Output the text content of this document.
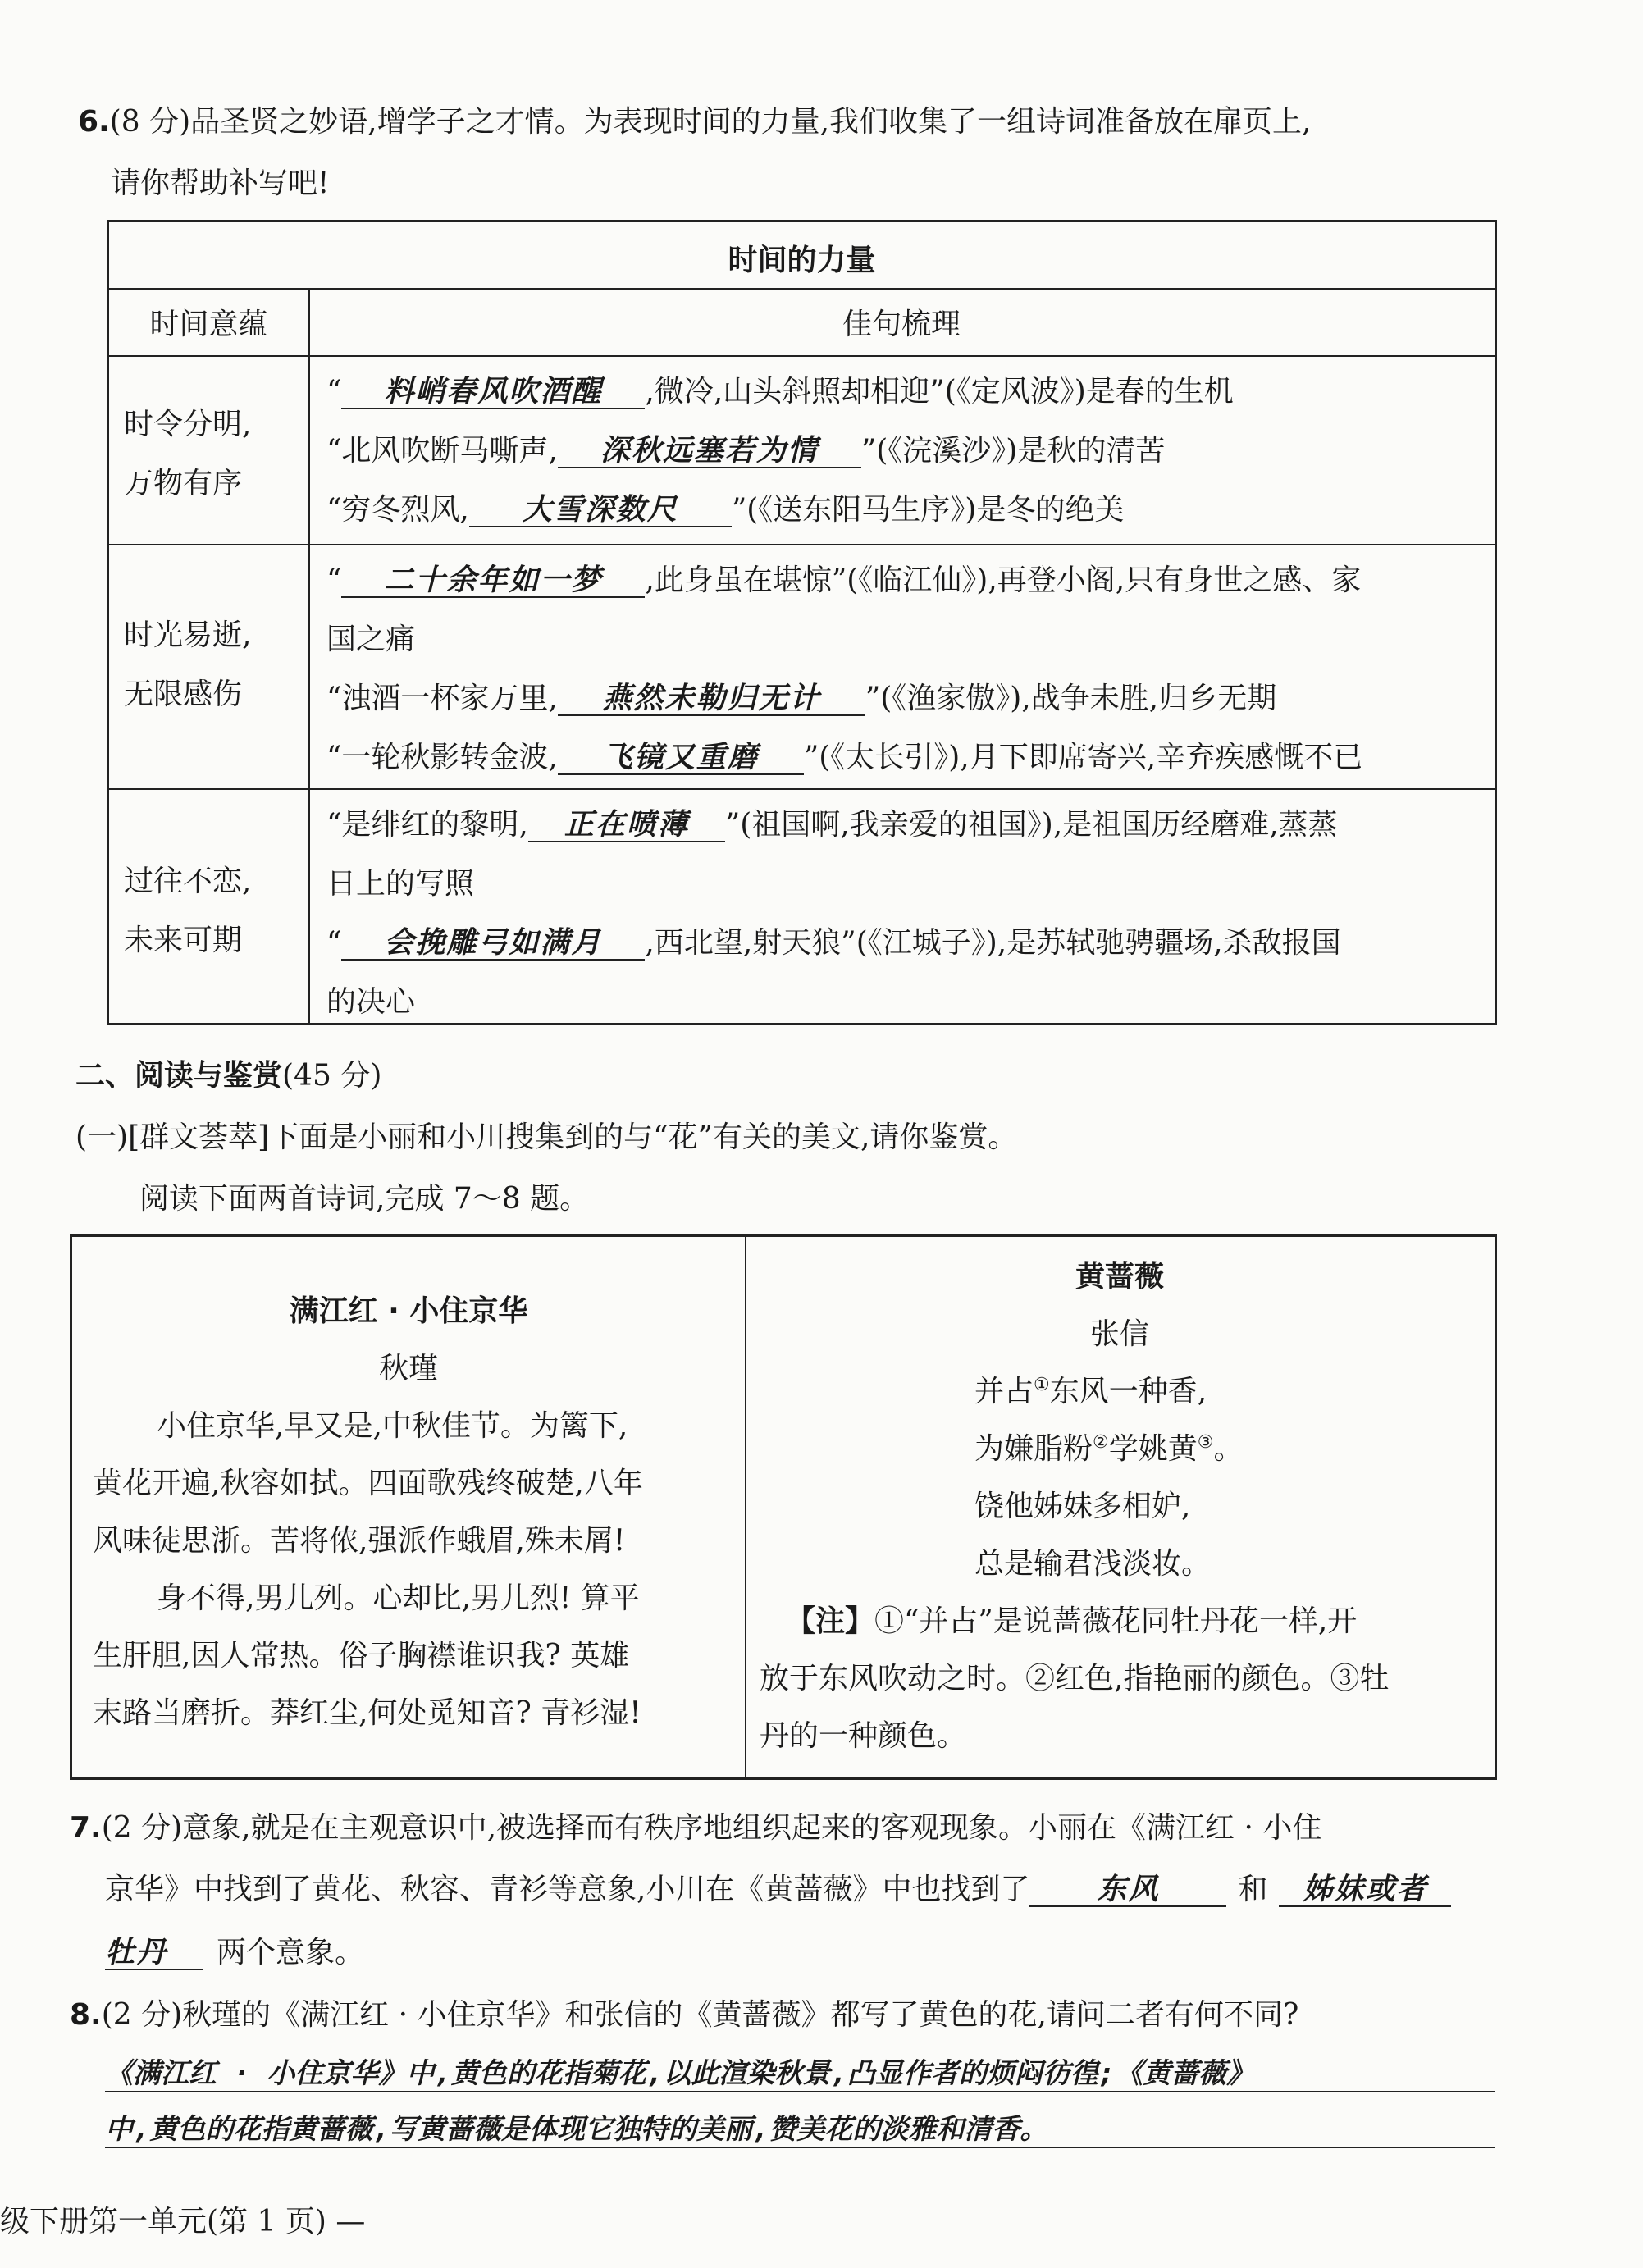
6.(8 分)品圣贤之妙语,增学子之才情。为表现时间的力量,我们收集了一组诗词准备放在扉页上,
请你帮助补写吧!
时间的力量
时间意蕴	佳句梳理
时令分明,
万物有序
“ 料峭春风吹酒醒 ,微冷,山头斜照却相迎”(《定风波》)是春的生机
“北风吹断马嘶声, 深秋远塞若为情 ”(《浣溪沙》)是秋的清苦
“穷冬烈风, 大雪深数尺 ”(《送东阳马生序》)是冬的绝美
时光易逝,
无限感伤
“ 二十余年如一梦 ,此身虽在堪惊”(《临江仙》),再登小阁,只有身世之感、家
国之痛
“浊酒一杯家万里, 燕然未勒归无计 ”(《渔家傲》),战争未胜,归乡无期
“一轮秋影转金波, 飞镜又重磨 ”(《太长引》),月下即席寄兴,辛弃疾感慨不已
过往不恋,
未来可期
“是绯红的黎明, 正在喷薄 ”(祖国啊,我亲爱的祖国》),是祖国历经磨难,蒸蒸
日上的写照
“ 会挽雕弓如满月 ,西北望,射天狼”(《江城子》),是苏轼驰骋疆场,杀敌报国
的决心
二、阅读与鉴赏(45 分)
(一)[群文荟萃]下面是小丽和小川搜集到的与“花”有关的美文,请你鉴赏。
阅读下面两首诗词,完成 7～8 题。
满江红 · 小住京华
秋瑾
小住京华,早又是,中秋佳节。为篱下,
黄花开遍,秋容如拭。四面歌残终破楚,八年
风味徒思浙。苦将侬,强派作蛾眉,殊未屑!
身不得,男儿列。心却比,男儿烈! 算平
生肝胆,因人常热。俗子胸襟谁识我? 英雄
末路当磨折。莽红尘,何处觅知音? 青衫湿!
黄蔷薇
张信
并占①东风一种香,
为嫌脂粉②学姚黄③。
饶他姊妹多相妒,
总是输君浅淡妆。
【注】①“并占”是说蔷薇花同牡丹花一样,开
放于东风吹动之时。②红色,指艳丽的颜色。③牡
丹的一种颜色。
7.(2 分)意象,就是在主观意识中,被选择而有秩序地组织起来的客观现象。小丽在《满江红 · 小住
京华》中找到了黄花、秋容、青衫等意象,小川在《黄蔷薇》中也找到了 东风	和 姊妹或者
牡丹 两个意象。
8.(2 分)秋瑾的《满江红 · 小住京华》和张信的《黄蔷薇》都写了黄色的花,请问二者有何不同?
《满江红 · 小住京华》中,黄色的花指菊花,以此渲染秋景,凸显作者的烦闷彷徨;《黄蔷薇》
中,黄色的花指黄蔷薇,写黄蔷薇是体现它独特的美丽,赞美花的淡雅和清香。
级下册第一单元(第 1 页) —
